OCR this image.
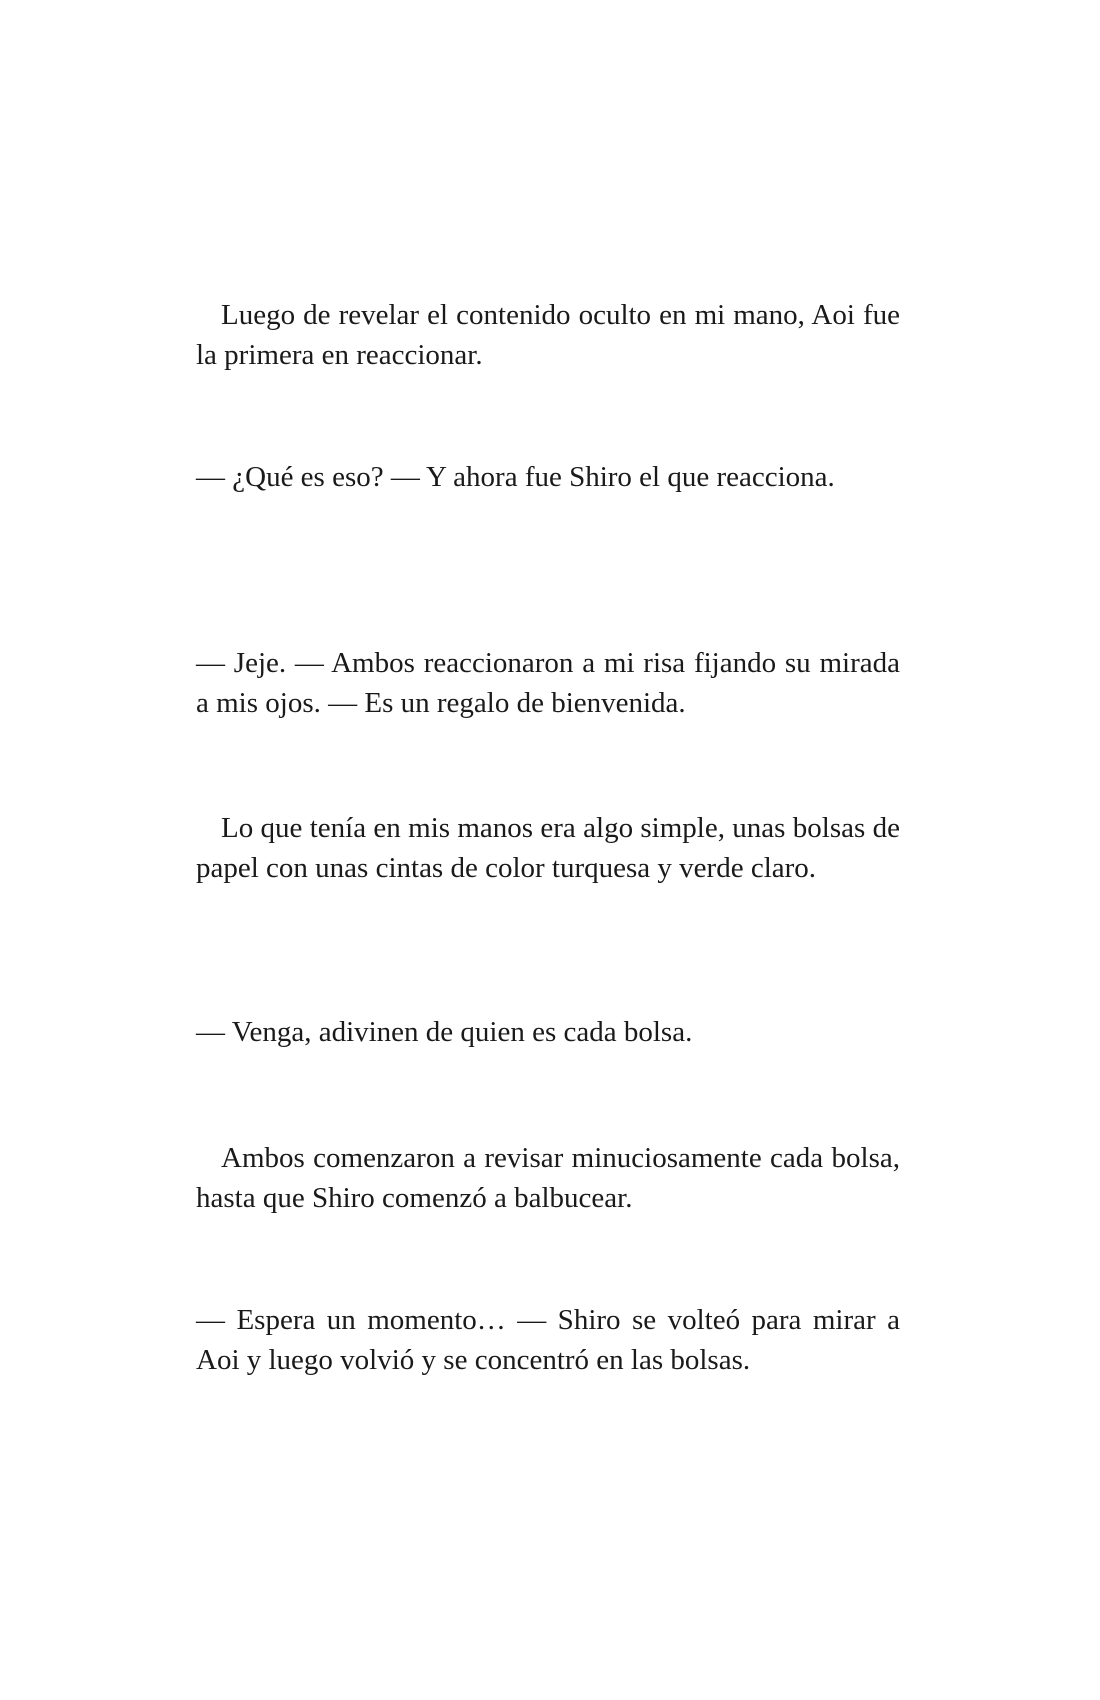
Luego de revelar el contenido oculto en mi mano, Aoi fue la primera en reaccionar.

— ¿Qué es eso? — Y ahora fue Shiro el que reacciona.

— Jeje. — Ambos reaccionaron a mi risa fijando su mirada a mis ojos. — Es un regalo de bienvenida.

Lo que tenía en mis manos era algo simple, unas bolsas de papel con unas cintas de color turquesa y verde claro.

— Venga, adivinen de quien es cada bolsa.

Ambos comenzaron a revisar minuciosamente cada bolsa, hasta que Shiro comenzó a balbucear.

— Espera un momento… — Shiro se volteó para mirar a Aoi y luego volvió y se concentró en las bolsas.
